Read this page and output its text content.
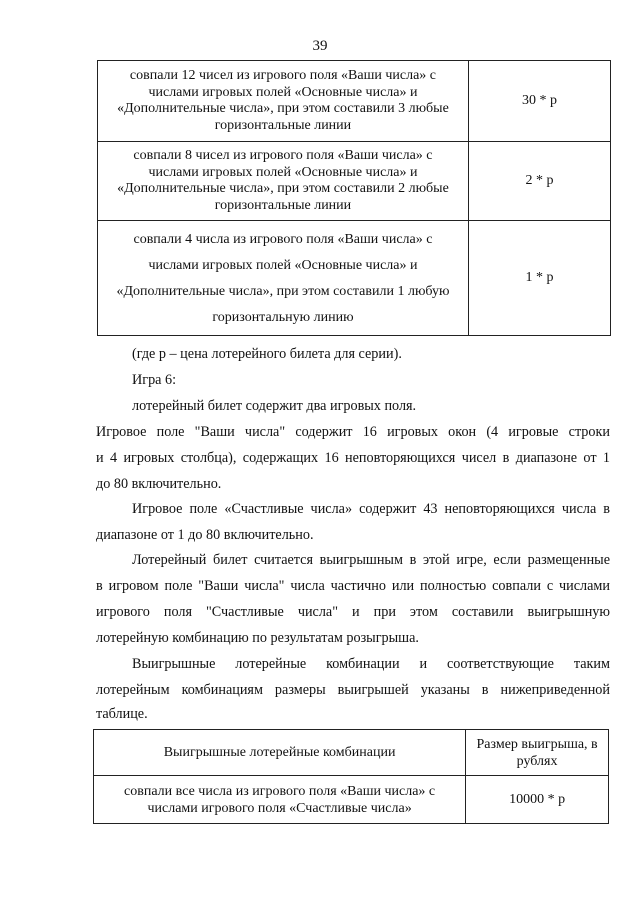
39
совпали 12 чисел из игрового поля «Ваши числа» с
числами игровых полей «Основные числа» и
«Дополнительные числа», при этом составили 3 любые
горизонтальные линии	30 * р

совпали 8 чисел из игрового поля «Ваши числа» с
числами игровых полей «Основные числа» и
«Дополнительные числа», при этом составили 2 любые
горизонтальные линии	2 * р

совпали 4 числа из игрового поля «Ваши числа» с
числами игровых полей «Основные числа» и
«Дополнительные числа», при этом составили 1 любую
горизонтальную линию	1 * р
(где р – цена лотерейного билета для серии).
Игра 6:
лотерейный билет содержит два игровых поля.
Игровое поле "Ваши числа" содержит 16 игровых окон (4 игровые строки
и 4 игровых столбца), содержащих 16 неповторяющихся чисел в диапазоне от 1
до 80 включительно.
Игровое поле «Счастливые числа» содержит 43 неповторяющихся числа в
диапазоне от 1 до 80 включительно.
Лотерейный билет считается выигрышным в этой игре, если размещенные
в игровом поле "Ваши числа" числа частично или полностью совпали с числами
игрового поля "Счастливые числа" и при этом составили выигрышную
лотерейную комбинацию по результатам розыгрыша.
Выигрышные лотерейные комбинации и соответствующие таким
лотерейным комбинациям размеры выигрышей указаны в нижеприведенной
таблице.
Выигрышные лотерейные комбинации	Размер выигрыша, в
рублях

совпали все числа из игрового поля «Ваши числа» с
числами игрового поля «Счастливые числа»	10000 * р
